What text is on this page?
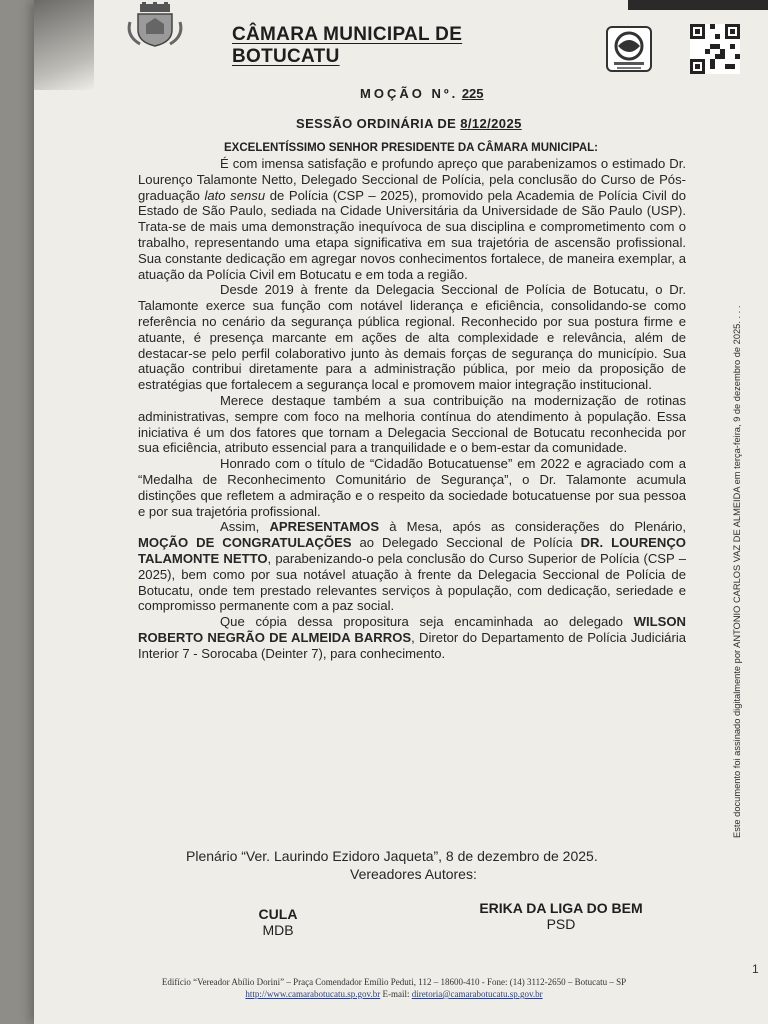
CÂMARA MUNICIPAL DE BOTUCATU
MOÇÃO Nº. 225
SESSÃO ORDINÁRIA DE 8/12/2025
EXCELENTÍSSIMO SENHOR PRESIDENTE DA CÂMARA MUNICIPAL:

É com imensa satisfação e profundo apreço que parabenizamos o estimado Dr. Lourenço Talamonte Netto, Delegado Seccional de Polícia, pela conclusão do Curso de Pós-graduação lato sensu de Polícia (CSP – 2025), promovido pela Academia de Polícia Civil do Estado de São Paulo, sediada na Cidade Universitária da Universidade de São Paulo (USP). Trata-se de mais uma demonstração inequívoca de sua disciplina e comprometimento com o trabalho, representando uma etapa significativa em sua trajetória de ascensão profissional. Sua constante dedicação em agregar novos conhecimentos fortalece, de maneira exemplar, a atuação da Polícia Civil em Botucatu e em toda a região.

Desde 2019 à frente da Delegacia Seccional de Polícia de Botucatu, o Dr. Talamonte exerce sua função com notável liderança e eficiência, consolidando-se como referência no cenário da segurança pública regional. Reconhecido por sua postura firme e atuante, é presença marcante em ações de alta complexidade e relevância, além de destacar-se pelo perfil colaborativo junto às demais forças de segurança do município. Sua atuação contribui diretamente para a administração pública, por meio da proposição de estratégias que fortalecem a segurança local e promovem maior integração institucional.

Merece destaque também a sua contribuição na modernização de rotinas administrativas, sempre com foco na melhoria contínua do atendimento à população. Essa iniciativa é um dos fatores que tornam a Delegacia Seccional de Botucatu reconhecida por sua eficiência, atributo essencial para a tranquilidade e o bem-estar da comunidade.

Honrado com o título de “Cidadão Botucatuense” em 2022 e agraciado com a “Medalha de Reconhecimento Comunitário de Segurança”, o Dr. Talamonte acumula distinções que refletem a admiração e o respeito da sociedade botucatuense por sua pessoa e por sua trajetória profissional.

Assim, APRESENTAMOS à Mesa, após as considerações do Plenário, MOÇÃO DE CONGRATULAÇÕES ao Delegado Seccional de Polícia DR. LOURENÇO TALAMONTE NETTO, parabenizando-o pela conclusão do Curso Superior de Polícia (CSP – 2025), bem como por sua notável atuação à frente da Delegacia Seccional de Polícia de Botucatu, onde tem prestado relevantes serviços à população, com dedicação, seriedade e compromisso permanente com a paz social.

Que cópia dessa propositura seja encaminhada ao delegado WILSON ROBERTO NEGRÃO DE ALMEIDA BARROS, Diretor do Departamento de Polícia Judiciária Interior 7 - Sorocaba (Deinter 7), para conhecimento.

Plenário “Ver. Laurindo Ezidoro Jaqueta”, 8 de dezembro de 2025.
Vereadores Autores:
CULA
MDB
ERIKA DA LIGA DO BEM
PSD
1
Este documento foi assinado digitalmente por ANTONIO CARLOS VAZ DE ALMEIDA em terça-feira, 9 de dezembro de 2025. . . .
Edifício “Vereador Abílio Dorini” – Praça Comendador Emílio Peduti, 112 – 18600-410 - Fone: (14) 3112-2650 – Botucatu – SP
http://www.camarabotucatu.sp.gov.br E-mail: diretoria@camarabotucatu.sp.gov.br
